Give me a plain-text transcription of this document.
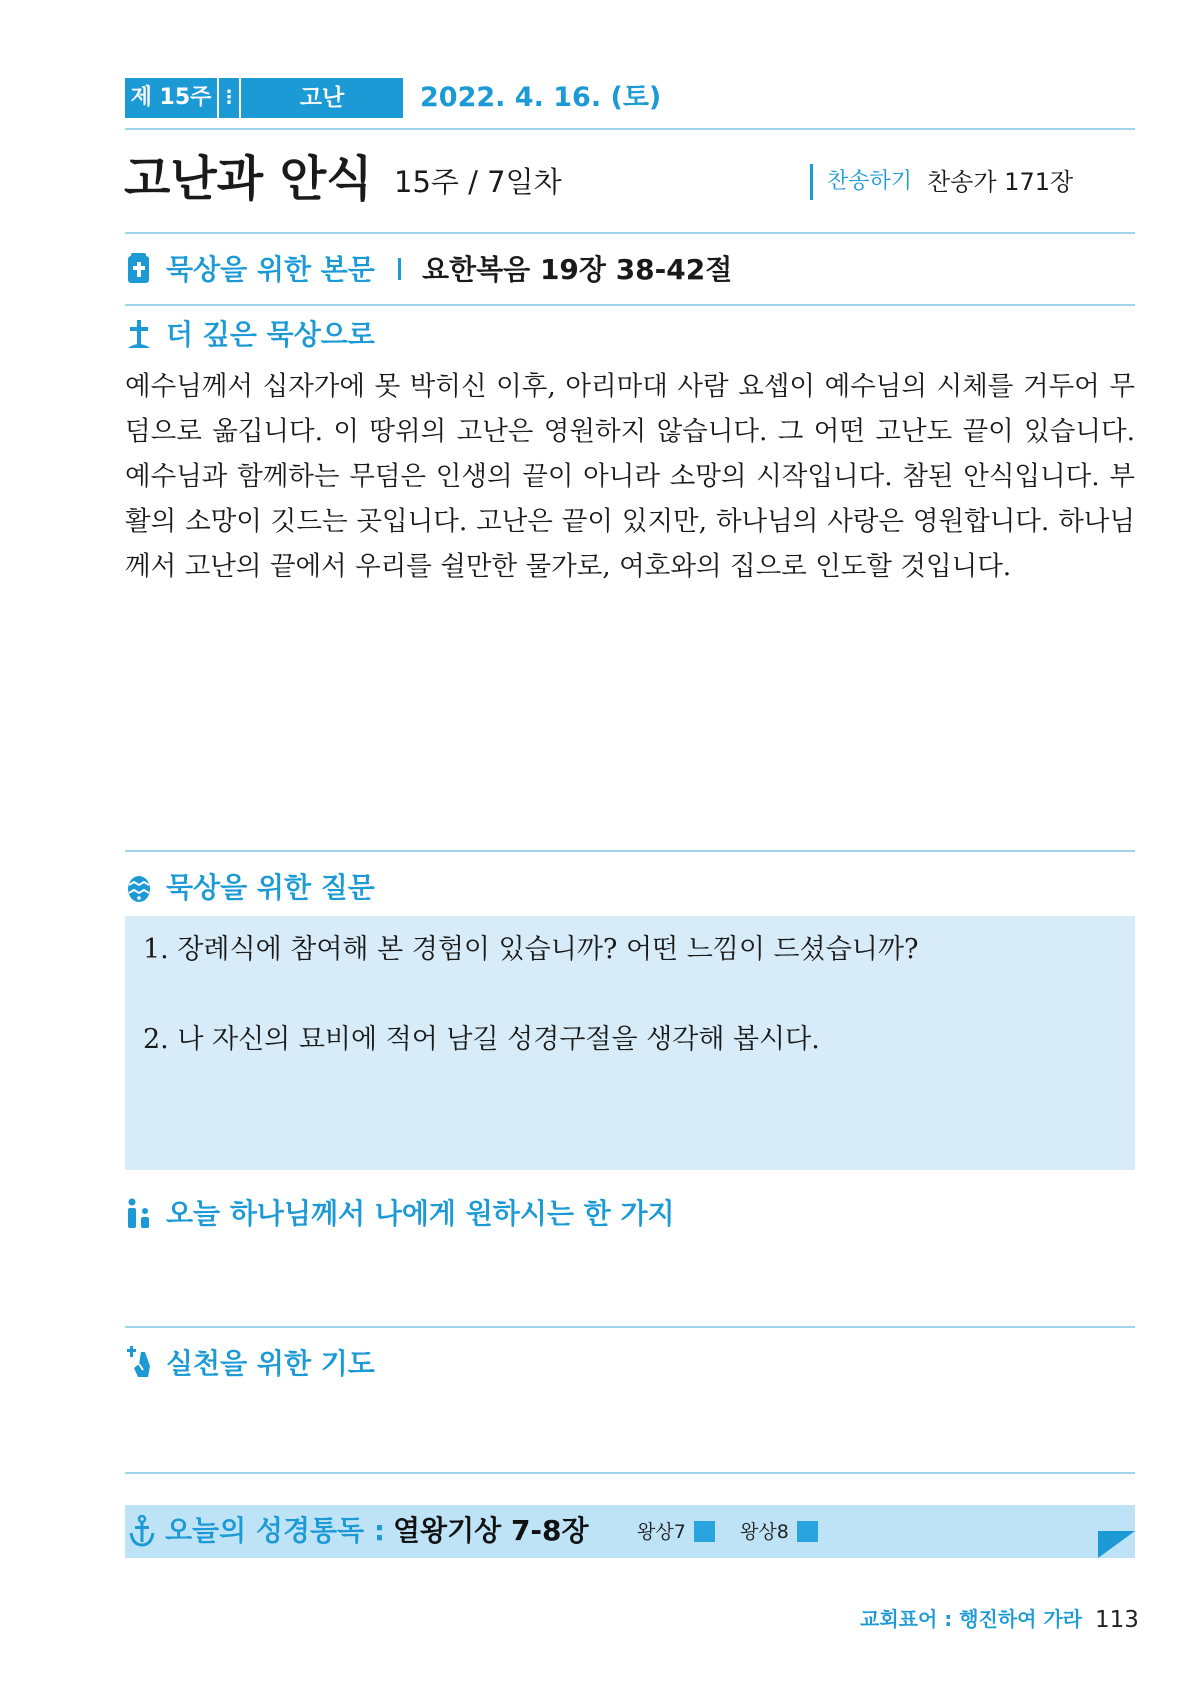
제 15주 ⋮	고난	2022. 4. 16. (토)
고난과 안식 15주 / 7일차	찬송하기 찬송가 171장
묵상을 위한 본문 요한복음 19장 38-42절
더 깊은 묵상으로

예수님께서 십자가에 못 박히신 이후, 아리마대 사람 요셉이 예수님의 시체를 거두어 무덤으로 옮깁니다. 이 땅위의 고난은 영원하지 않습니다. 그 어떤 고난도 끝이 있습니다. 예수님과 함께하는 무덤은 인생의 끝이 아니라 소망의 시작입니다. 참된 안식입니다. 부활의 소망이 깃드는 곳입니다. 고난은 끝이 있지만, 하나님의 사랑은 영원합니다. 하나님께서 고난의 끝에서 우리를 쉴만한 물가로, 여호와의 집으로 인도할 것입니다.

묵상을 위한 질문
1. 장례식에 참여해 본 경험이 있습니까? 어떤 느낌이 드셨습니까?
2. 나 자신의 묘비에 적어 남길 성경구절을 생각해 봅시다.
오늘 하나님께서 나에게 원하시는 한 가지
실천을 위한 기도
오늘의 성경통독 : 열왕기상 7-8장	왕상7	왕상8
교회표어 : 행진하여 가라 113
